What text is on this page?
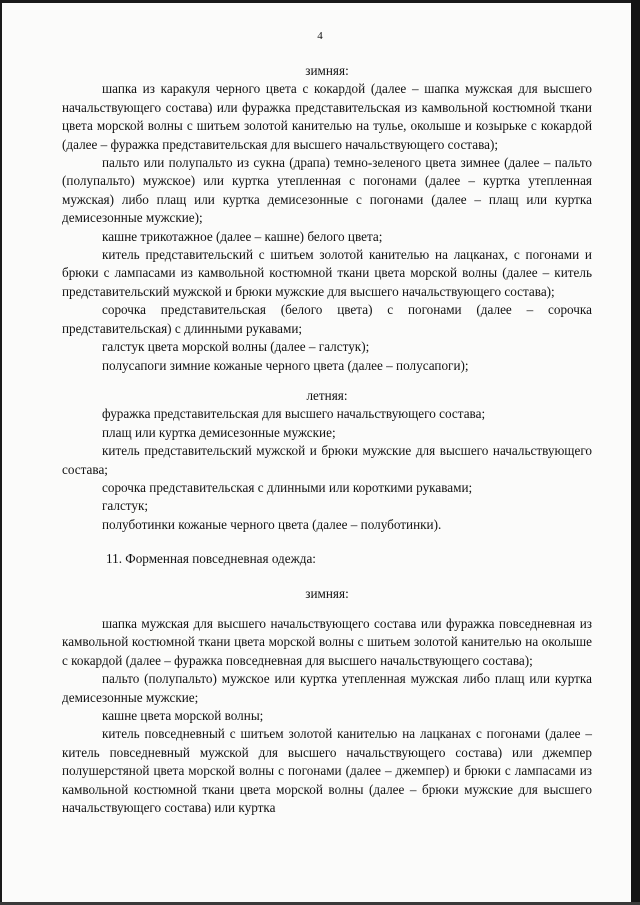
4

зимняя:

шапка из каракуля черного цвета с кокардой (далее – шапка мужская для высшего начальствующего состава) или фуражка представительская из камвольной костюмной ткани цвета морской волны с шитьем золотой канителью на тулье, околыше и козырьке с кокардой (далее – фуражка представительская для высшего начальствующего состава);

пальто или полупальто из сукна (драпа) темно-зеленого цвета зимнее (далее – пальто (полупальто) мужское) или куртка утепленная с погонами (далее – куртка утепленная мужская) либо плащ или куртка демисезонные с погонами (далее – плащ или куртка демисезонные мужские);

кашне трикотажное (далее – кашне) белого цвета;

китель представительский с шитьем золотой канителью на лацканах, с погонами и брюки с лампасами из камвольной костюмной ткани цвета морской волны (далее – китель представительский мужской и брюки мужские для высшего начальствующего состава);

сорочка представительская (белого цвета) с погонами (далее – сорочка представительская) с длинными рукавами;

галстук цвета морской волны (далее – галстук);

полусапоги зимние кожаные черного цвета (далее – полусапоги);

летняя:

фуражка представительская для высшего начальствующего состава;

плащ или куртка демисезонные мужские;

китель представительский мужской и брюки мужские для высшего начальствующего состава;

сорочка представительская с длинными или короткими рукавами;

галстук;

полуботинки кожаные черного цвета (далее – полуботинки).

11. Форменная повседневная одежда:

зимняя:

шапка мужская для высшего начальствующего состава или фуражка повседневная из камвольной костюмной ткани цвета морской волны с шитьем золотой канителью на околыше с кокардой (далее – фуражка повседневная для высшего начальствующего состава);

пальто (полупальто) мужское или куртка утепленная мужская либо плащ или куртка демисезонные мужские;

кашне цвета морской волны;

китель повседневный с шитьем золотой канителью на лацканах с погонами (далее – китель повседневный мужской для высшего начальствующего состава) или джемпер полушерстяной цвета морской волны с погонами (далее – джемпер) и брюки с лампасами из камвольной костюмной ткани цвета морской волны (далее – брюки мужские для высшего начальствующего состава) или куртка
